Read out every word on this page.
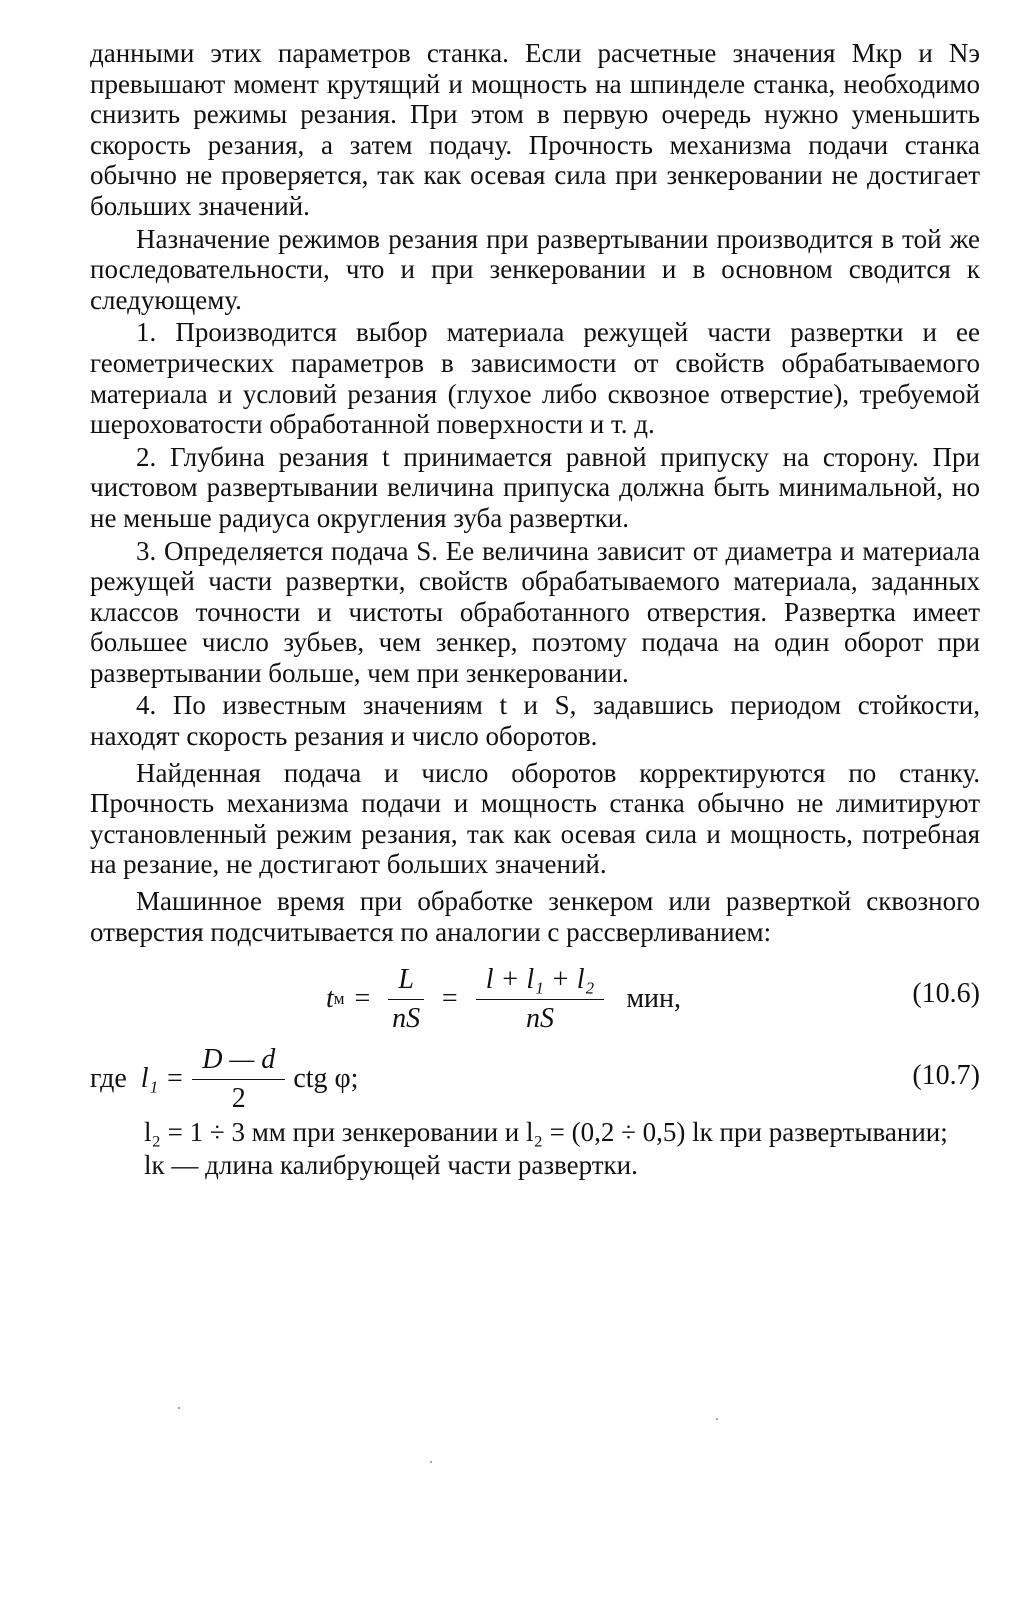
данными этих параметров станка. Если расчетные значения Mкр и Nэ превышают момент крутящий и мощность на шпинделе станка, необходимо снизить режимы резания. При этом в первую очередь нужно уменьшить скорость резания, а затем подачу. Прочность механизма подачи станка обычно не проверяется, так как осевая сила при зенкеровании не достигает больших значений.

Назначение режимов резания при развертывании производится в той же последовательности, что и при зенкеровании и в основном сводится к следующему.

1. Производится выбор материала режущей части развертки и ее геометрических параметров в зависимости от свойств обрабатываемого материала и условий резания (глухое либо сквозное отверстие), требуемой шероховатости обработанной поверхности и т. д.

2. Глубина резания t принимается равной припуску на сторону. При чистовом развертывании величина припуска должна быть минимальной, но не меньше радиуса округления зуба развертки.

3. Определяется подача S. Ее величина зависит от диаметра и материала режущей части развертки, свойств обрабатываемого материала, заданных классов точности и чистоты обработанного отверстия. Развертка имеет большее число зубьев, чем зенкер, поэтому подача на один оборот при развертывании больше, чем при зенкеровании.

4. По известным значениям t и S, задавшись периодом стойкости, находят скорость резания и число оборотов.

Найденная подача и число оборотов корректируются по станку. Прочность механизма подачи и мощность станка обычно не лимитируют установленный режим резания, так как осевая сила и мощность, потребная на резание, не достигают больших значений.

Машинное время при обработке зенкером или разверткой сквозного отверстия подсчитывается по аналогии с рассверливанием:

t $м = \frac{L}{nS} = \frac{\text{l + l₁ + l₂}}{nS}$ мин,	(10.6)
где $l_1 = \frac{D — d}{2}$ ctg φ;	(10.7)

l₂ = 1 ÷ 3 мм при зенкеровании и l₂ = (0,2 ÷ 0,5) lк при развертывании;

lк — длина калибрующей части развертки.
